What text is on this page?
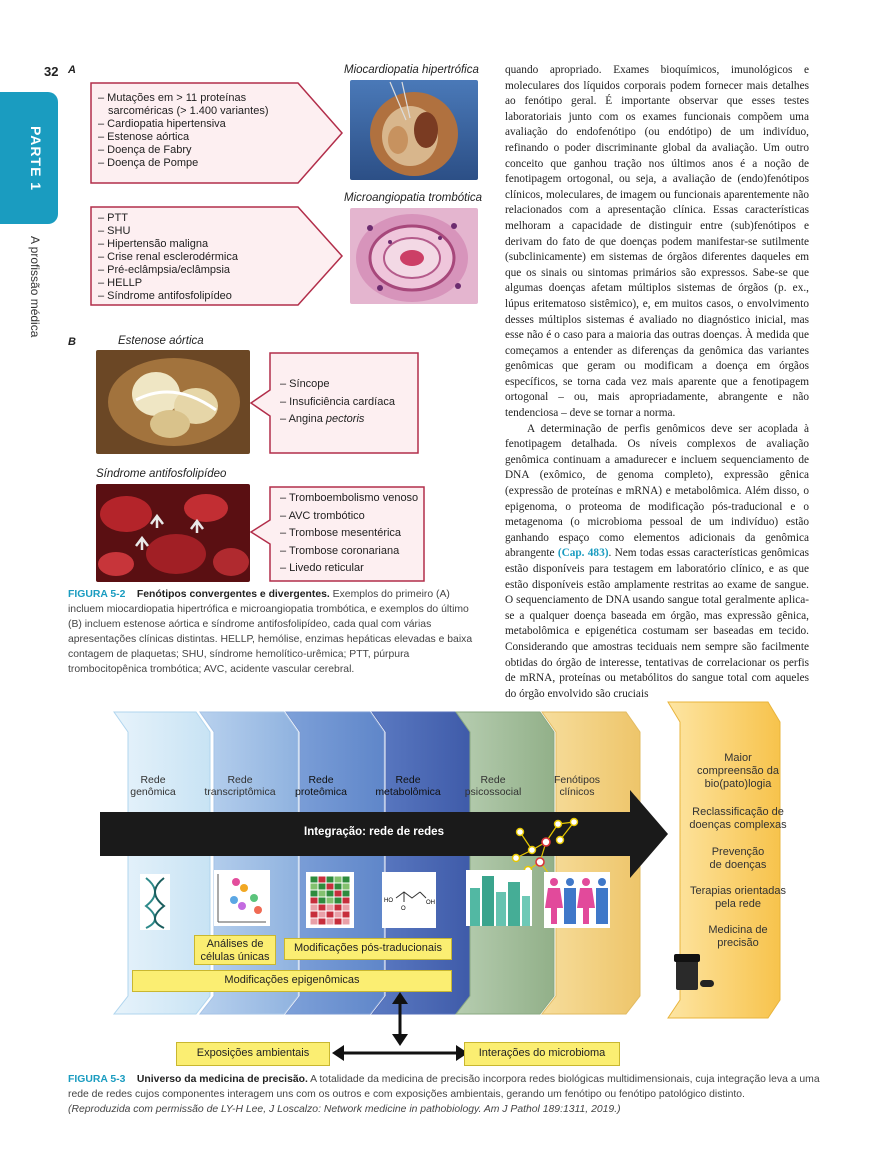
32
PARTE 1
A profissão médica
A
– Mutações em > 11 proteínas
sarcoméricas (> 1.400 variantes)
– Cardiopatia hipertensiva
– Estenose aórtica
– Doença de Fabry
– Doença de Pompe
Miocardiopatia hipertrófica
– PTT
– SHU
– Hipertensão maligna
– Crise renal esclerodérmica
– Pré-eclâmpsia/eclâmpsia
– HELLP
– Síndrome antifosfolipídeo
Microangiopatia trombótica
B	Estenose aórtica
– Síncope
– Insuficiência cardíaca
– Angina pectoris
Síndrome antifosfolipídeo
– Tromboembolismo venoso
– AVC trombótico
– Trombose mesentérica
– Trombose coronariana
– Livedo reticular
FIGURA 5-2 Fenótipos convergentes e divergentes. Exemplos do primeiro (A) incluem miocardiopatia hipertrófica e microangiopatia trombótica, e exemplos do último (B) incluem estenose aórtica e síndrome antifosfolipídeo, cada qual com várias apresentações clínicas distintas. HELLP, hemólise, enzimas hepáticas elevadas e baixa contagem de plaquetas; SHU, síndrome hemolítico-urêmica; PTT, púrpura trombocitopênica trombótica; AVC, acidente vascular cerebral.

quando apropriado. Exames bioquímicos, imunológicos e moleculares dos líquidos corporais podem fornecer mais detalhes ao fenótipo geral. É importante observar que esses testes laboratoriais junto com os exames funcionais compõem uma avaliação do endofenótipo (ou endótipo) de um indivíduo, refinando o poder discriminante global da avaliação. Um outro conceito que ganhou tração nos últimos anos é a noção de fenotipagem ortogonal, ou seja, a avaliação de (endo)fenótipos clínicos, moleculares, de imagem ou funcionais aparentemente não relacionados com a apresentação clínica. Essas características melhoram a capacidade de distinguir entre (sub)fenótipos e derivam do fato de que doenças podem manifestar-se sutilmente (subclinicamente) em sistemas de órgãos diferentes daqueles em que os sinais ou sintomas primários são expressos. Sabe-se que algumas doenças afetam múltiplos sistemas de órgãos (p. ex., lúpus eritematoso sistêmico), e, em muitos casos, o envolvimento desses múltiplos sistemas é avaliado no diagnóstico inicial, mas esse não é o caso para a maioria das outras doenças. À medida que começamos a entender as diferenças da genômica das variantes genômicas que geram ou modificam a doença em órgãos específicos, se torna cada vez mais aparente que a fenotipagem ortogonal – ou, mais apropriadamente, abrangente e não tendenciosa – deve se tornar a norma.

A determinação de perfis genômicos deve ser acoplada à fenotipagem detalhada. Os níveis complexos de avaliação genômica continuam a amadurecer e incluem sequenciamento de DNA (exômico, de genoma completo), expressão gênica (expressão de proteínas e mRNA) e metabolômica. Além disso, o epigenoma, o proteoma de modificação pós-traducional e o metagenoma (o microbioma pessoal de um indivíduo) estão ganhando espaço como elementos adicionais da genômica abrangente (Cap. 483). Nem todas essas características genômicas estão disponíveis para testagem em laboratório clínico, e as que estão disponíveis estão amplamente restritas ao exame de sangue. O sequenciamento de DNA usando sangue total geralmente aplica-se a qualquer doença baseada em órgão, mas expressão gênica, metabolômica e epigenética costumam ser baseadas em tecido. Considerando que amostras teciduais nem sempre são facilmente obtidas do órgão de interesse, tentativas de correlacionar os perfis de mRNA, proteínas ou metabólitos do sangue total com aqueles do órgão envolvido são cruciais

HO	OH
O
Rede
genômica
Rede
transcriptômica
Rede
proteômica
Rede
metabolômica
Rede
psicossocial
Fenótipos
clínicos
Integração: rede de redes
Maior
compreensão da
bio(pato)logia
Reclassificação de
doenças complexas
Prevenção
de doenças
Terapias orientadas
pela rede
Medicina de
precisão
Análises de
células únicas
Modificações pós-traducionais
Modificações epigenômicas
Exposições ambientais	Interações do microbioma
FIGURA 5-3 Universo da medicina de precisão. A totalidade da medicina de precisão incorpora redes biológicas multidimensionais, cuja integração leva a uma rede de redes cujos componentes interagem uns com os outros e com exposições ambientais, gerando um fenótipo ou fenótipo patológico distinto.
(Reproduzida com permissão de LY-H Lee, J Loscalzo: Network medicine in pathobiology. Am J Pathol 189:1311, 2019.)
